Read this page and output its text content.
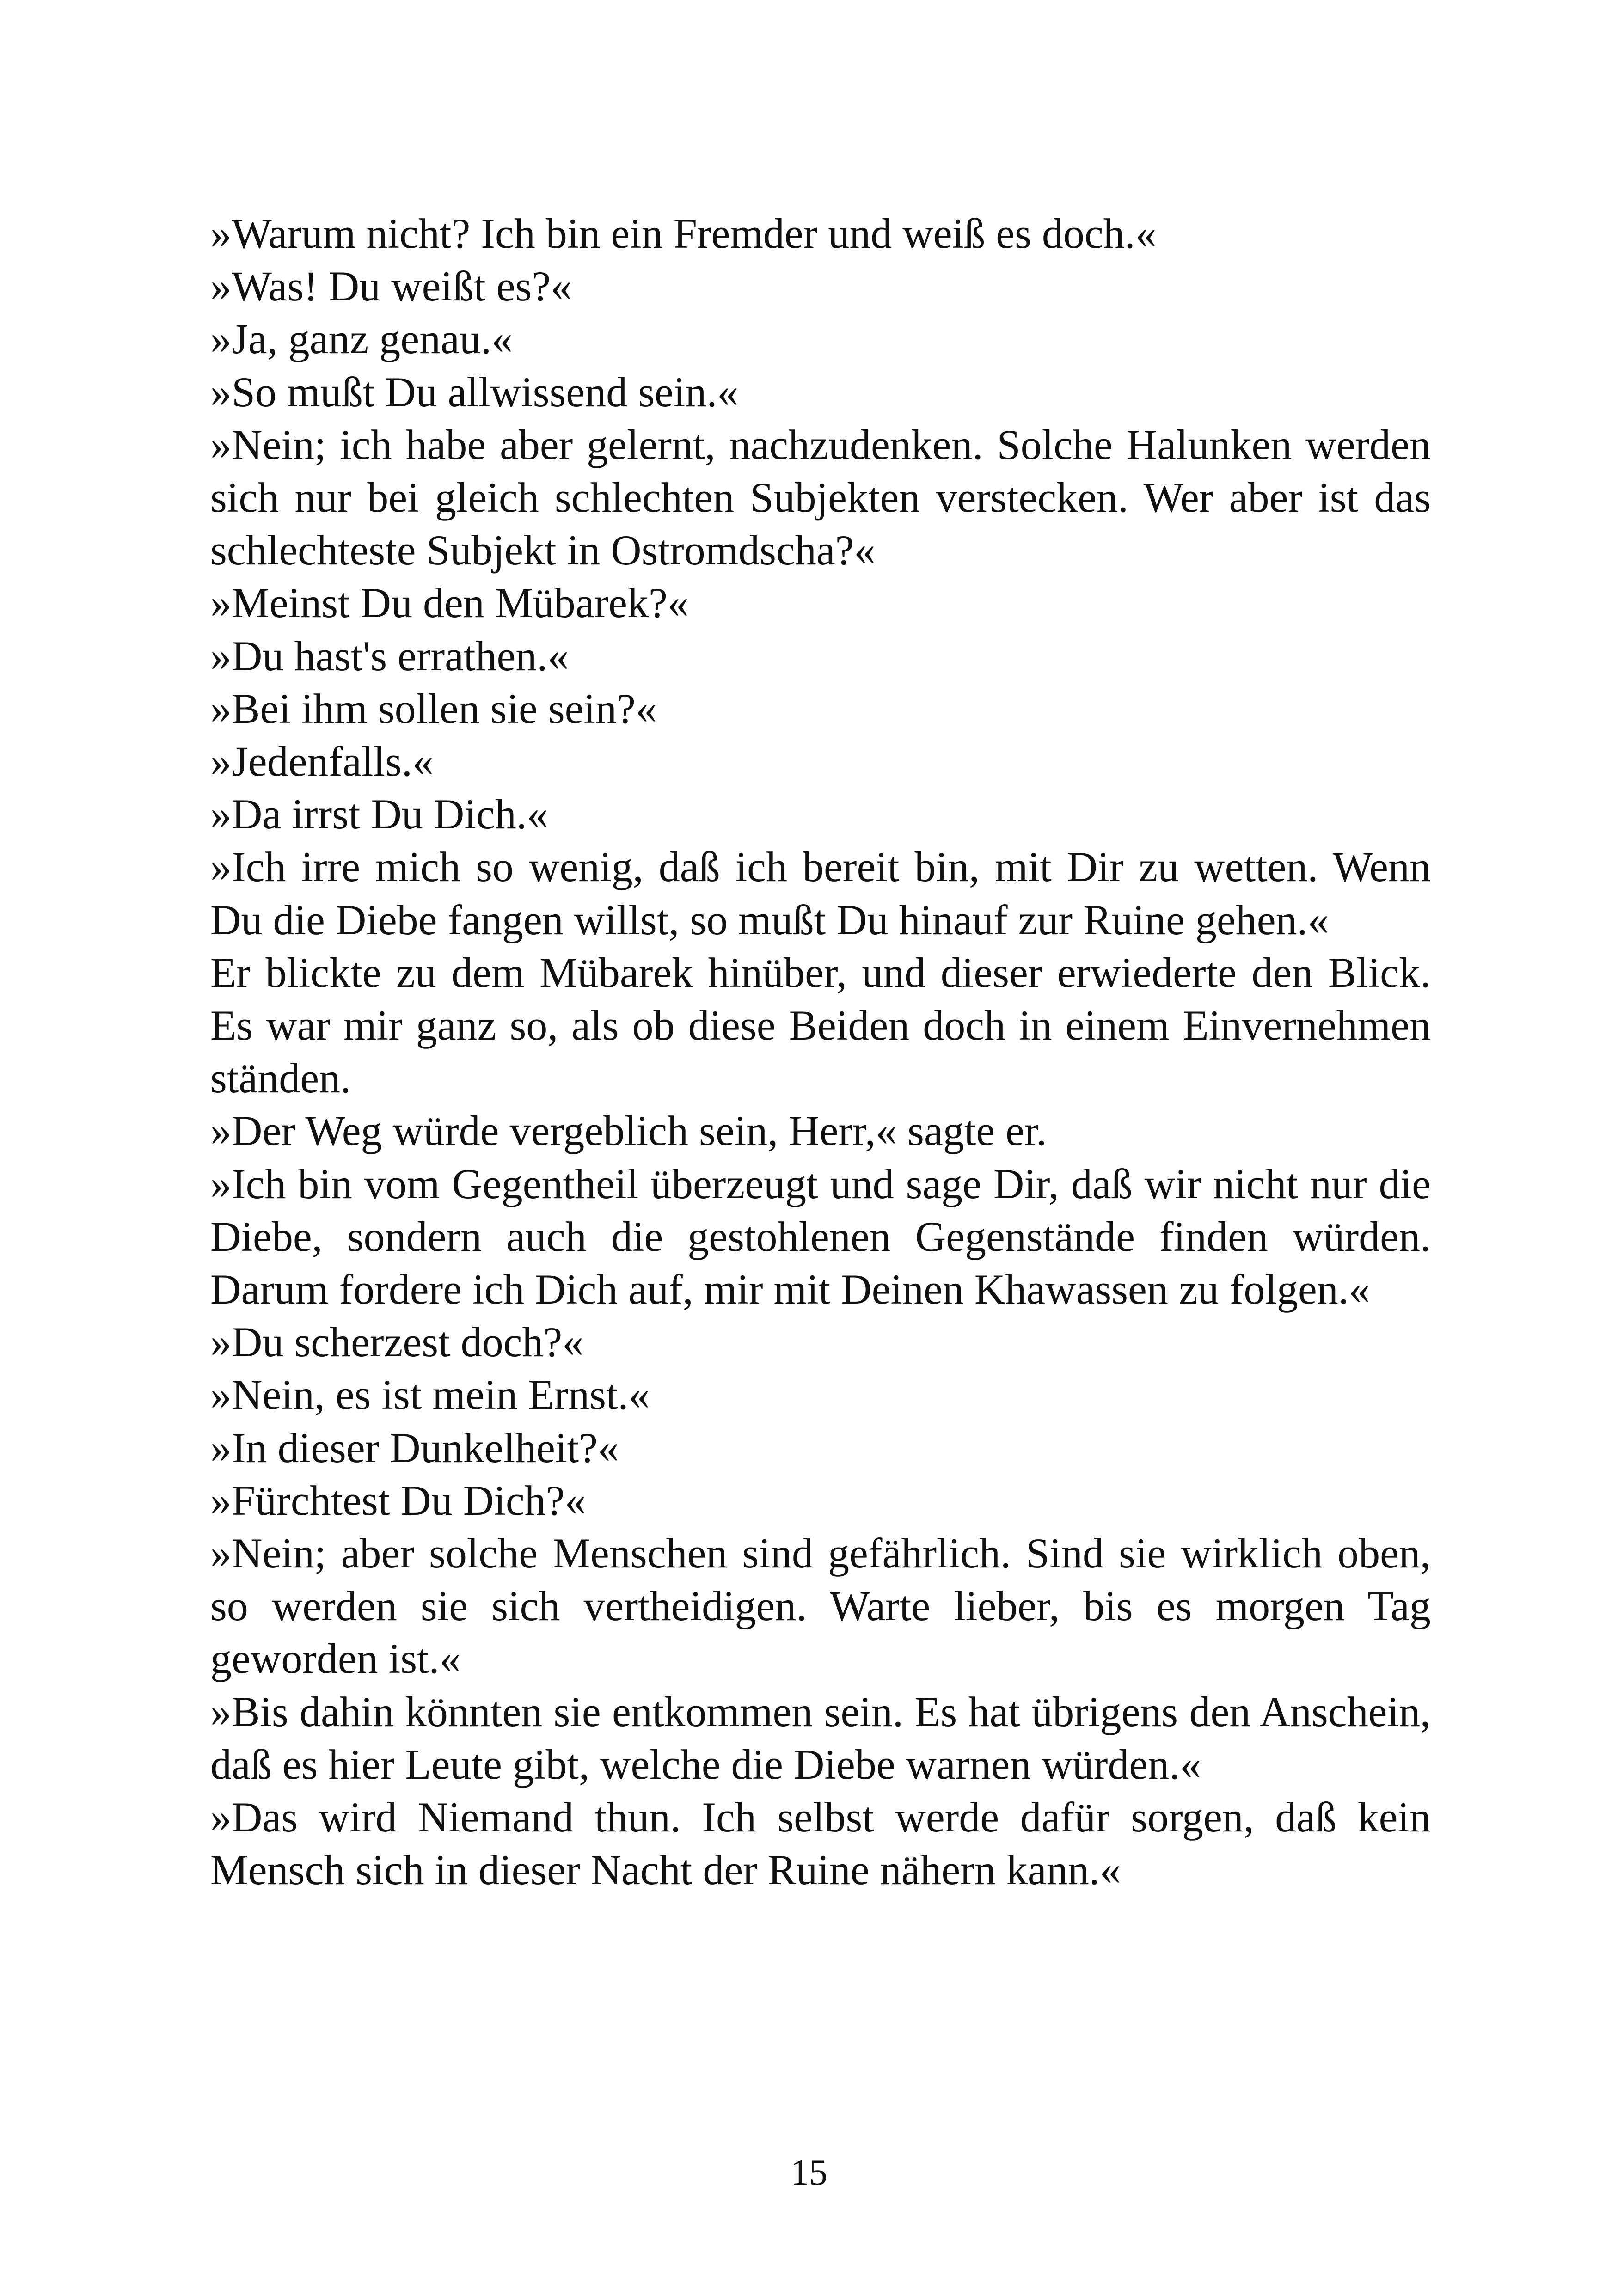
»Warum nicht? Ich bin ein Fremder und weiß es doch.«

»Was! Du weißt es?«

»Ja, ganz genau.«

»So mußt Du allwissend sein.«

»Nein; ich habe aber gelernt, nachzudenken. Solche Halunken werden sich nur bei gleich schlechten Subjekten verstecken. Wer aber ist das schlechteste Subjekt in Ostromdscha?«

»Meinst Du den Mübarek?«

»Du hast's errathen.«

»Bei ihm sollen sie sein?«

»Jedenfalls.«

»Da irrst Du Dich.«

»Ich irre mich so wenig, daß ich bereit bin, mit Dir zu wetten. Wenn Du die Diebe fangen willst, so mußt Du hinauf zur Ruine gehen.«

Er blickte zu dem Mübarek hinüber, und dieser erwiederte den Blick. Es war mir ganz so, als ob diese Beiden doch in einem Einvernehmen ständen.

»Der Weg würde vergeblich sein, Herr,« sagte er.

»Ich bin vom Gegentheil überzeugt und sage Dir, daß wir nicht nur die Diebe, sondern auch die gestohlenen Gegenstände finden würden. Darum fordere ich Dich auf, mir mit Deinen Khawassen zu folgen.«

»Du scherzest doch?«

»Nein, es ist mein Ernst.«

»In dieser Dunkelheit?«

»Fürchtest Du Dich?«

»Nein; aber solche Menschen sind gefährlich. Sind sie wirklich oben, so werden sie sich vertheidigen. Warte lieber, bis es morgen Tag geworden ist.«

»Bis dahin könnten sie entkommen sein. Es hat übrigens den Anschein, daß es hier Leute gibt, welche die Diebe warnen würden.«

»Das wird Niemand thun. Ich selbst werde dafür sorgen, daß kein Mensch sich in dieser Nacht der Ruine nähern kann.«

15
